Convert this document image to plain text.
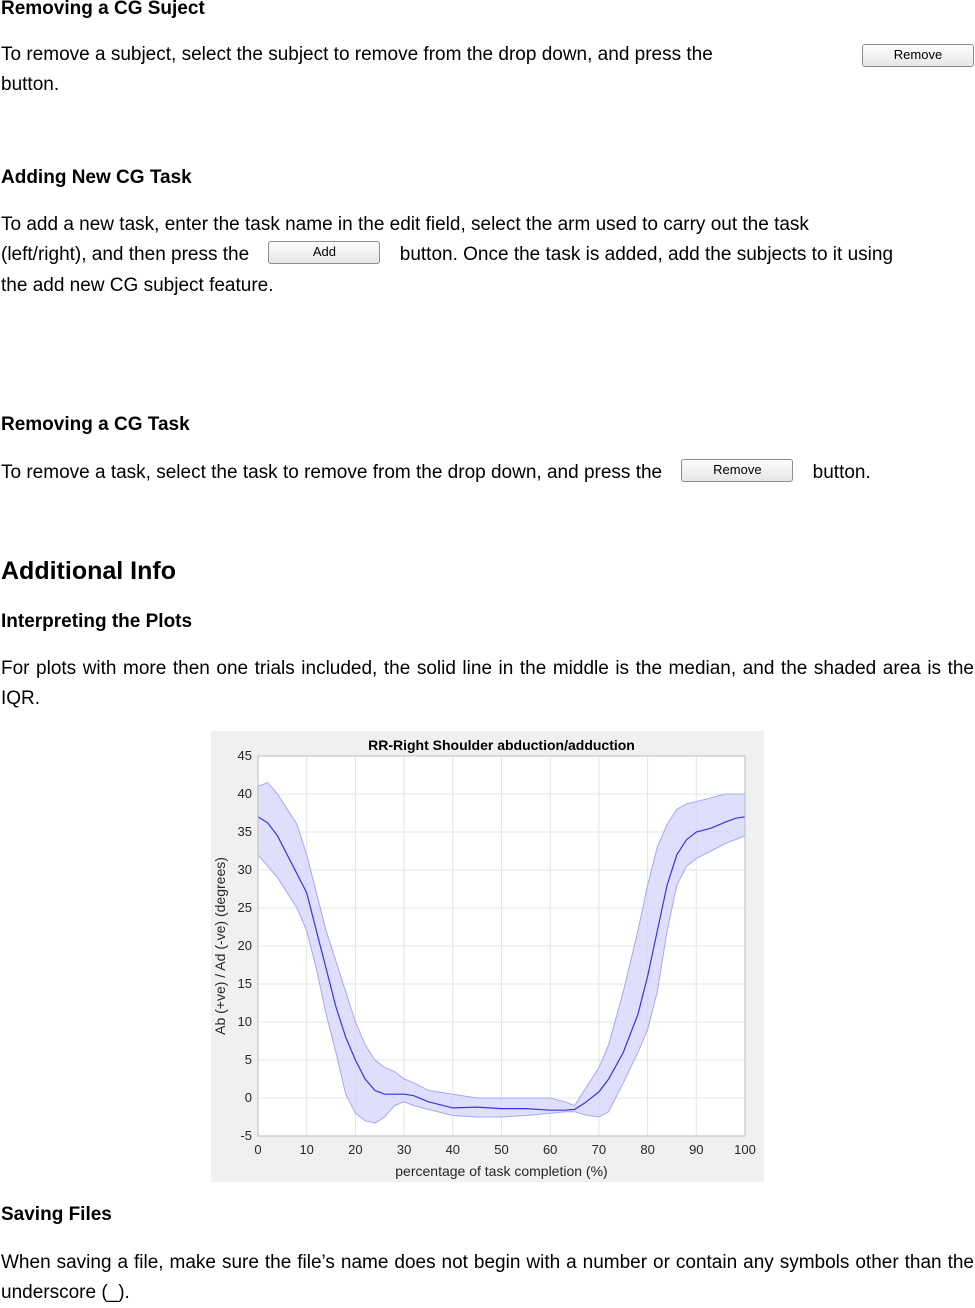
Removing a CG Suject

To remove a subject, select the subject to remove from the drop down, and press the	Remove

button.

Adding New CG Task

To add a new task, enter the task name in the edit field, select the arm used to carry out the task

(left/right), and then press the	Add	button. Once the task is added, add the subjects to it using

the add new CG subject feature.

Removing a CG Task

To remove a task, select the task to remove from the drop down, and press the	Remove	button.

Additional Info
Interpreting the Plots

For plots with more then one trials included, the solid line in the middle is the median, and the shaded area is the IQR.

0	10	20	30	40	50	60	70	80	90 100
-5
0
5
10
15
20
25
30
35
40
45
RR-Right Shoulder abduction/adduction
percentage of task completion (%)
Ab (+ve) / Ad (-ve) (degrees)
Saving Files

When saving a file, make sure the file’s name does not begin with a number or contain any symbols other than the underscore (_).
